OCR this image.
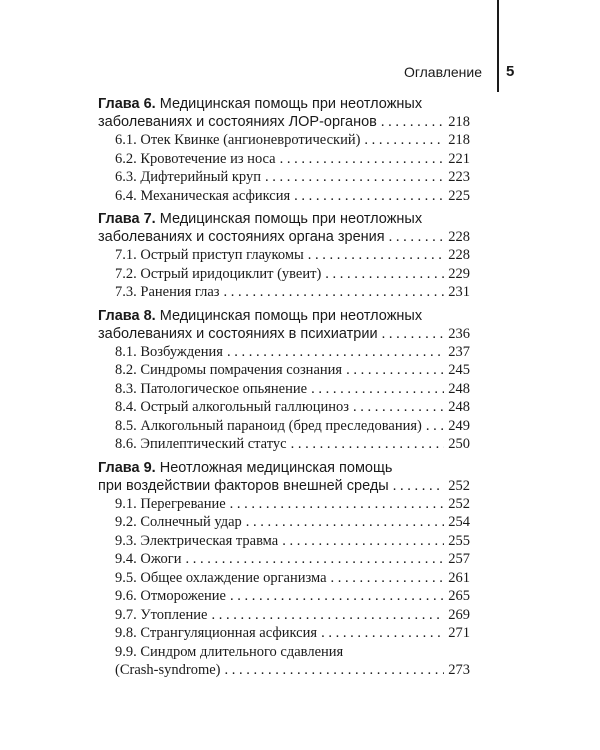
Оглавление 5
Глава 6. Медицинская помощь при неотложных
заболеваниях и состояниях ЛОР-органов . . .	218
6.1. Отек Квинке (ангионевротический) . . .	218
6.2. Кровотечение из носа . . .	221
6.3. Дифтерийный круп . . .	223
6.4. Механическая асфиксия . . .	225
Глава 7. Медицинская помощь при неотложных
заболеваниях и состояниях органа зрения . . .	228
7.1. Острый приступ глаукомы . . .	228
7.2. Острый иридоциклит (увеит) . . .	229
7.3. Ранения глаз . . .	231
Глава 8. Медицинская помощь при неотложных
заболеваниях и состояниях в психиатрии . . .	236
8.1. Возбуждения . . .	237
8.2. Синдромы помрачения сознания . . .	245
8.3. Патологическое опьянение . . .	248
8.4. Острый алкогольный галлюциноз . . .	248
8.5. Алкогольный параноид (бред преследования) . . . 249
8.6. Эпилептический статус . . .	250
Глава 9. Неотложная медицинская помощь
при воздействии факторов внешней среды . . .	252
9.1. Перегревание . . .	252
9.2. Солнечный удар . . .	254
9.3. Электрическая травма . . .	255
9.4. Ожоги . . .	257
9.5. Общее охлаждение организма . . .	261
9.6. Отморожение . . .	265
9.7. Утопление . . .	269
9.8. Странгуляционная асфиксия . . .	271
9.9. Синдром длительного сдавления
(Crash-syndrome) . . .	273
